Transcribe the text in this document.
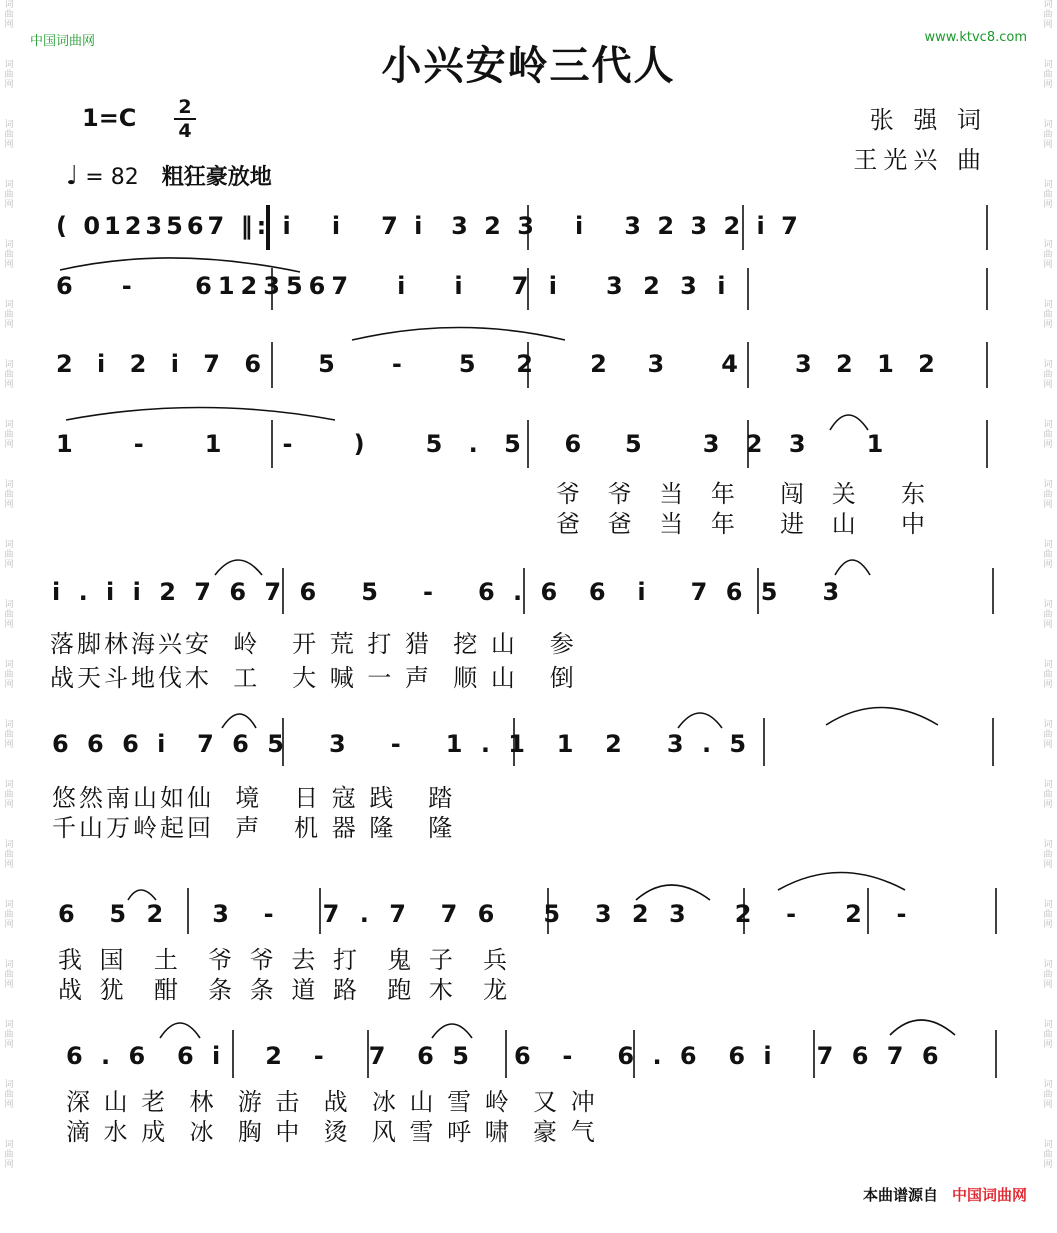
词
曲
网

词
曲
网

词
曲
网

词
曲
网

词
曲
网

词
曲
网

词
曲
网

词
曲
网

词
曲
网

词
曲
网

词
曲
网

词
曲
网

词
曲
网

词
曲
网

词
曲
网

词
曲
网

词
曲
网

词
曲
网

词
曲
网

词
曲
网

词
曲
网

词
曲
网

词
曲
网

词
曲
网

词
曲
网

词
曲
网

词
曲
网

词
曲
网

词
曲
网

词
曲
网

词
曲
网

词
曲
网

词
曲
网

词
曲
网

词
曲
网

词
曲
网

词
曲
网

词
曲
网

词
曲
网

词
曲
网

中国词曲网	www.ktvc8.com
小兴安岭三代人
1=C	2
4
♩ = 82 粗狂豪放地
张 强 词
王光兴 曲
( 0123567 ‖: i   i   7 i  3 2 3   i   3 2 3 2 i 7
6   -    6123567   i   i   7 i   3 2 3 i
2 i 2 i 7 6   5   -   5  2   2  3   4   3 2 1 2
1   -   1   -   )   5 . 5  6  5   3 2 3   1
爷 爷 当 年  闯 关  东
爸 爸 当 年  进 山  中
i . i i 2 7 6 7 6   5   -   6 . 6  6  i   7 6 5   3
落脚林海兴安  岭   开 荒 打 猎  挖 山   参
战天斗地伐木  工   大 喊 一 声  顺 山   倒
6 6 6 i  7 6 5   3   -   1 . 1  1  2   3 . 5
悠然南山如仙  境   日 寇 践   踏
千山万岭起回  声   机 器 隆   隆
6  5 2   3  -   7 . 7  7 6   5  3 2 3   2  -   2  -
我 国  土  爷 爷 去 打  鬼 子  兵
战 犹  酣  条 条 道 路  跑 木  龙
6 . 6  6 i   2  -   7  6 5   6  -   6 . 6  6 i   7 6 7 6
深 山 老  林  游 击  战  冰 山 雪 岭  又 冲
滴 水 成  冰  胸 中  烫  风 雪 呼 啸  豪 气
本曲谱源自 中国词曲网
